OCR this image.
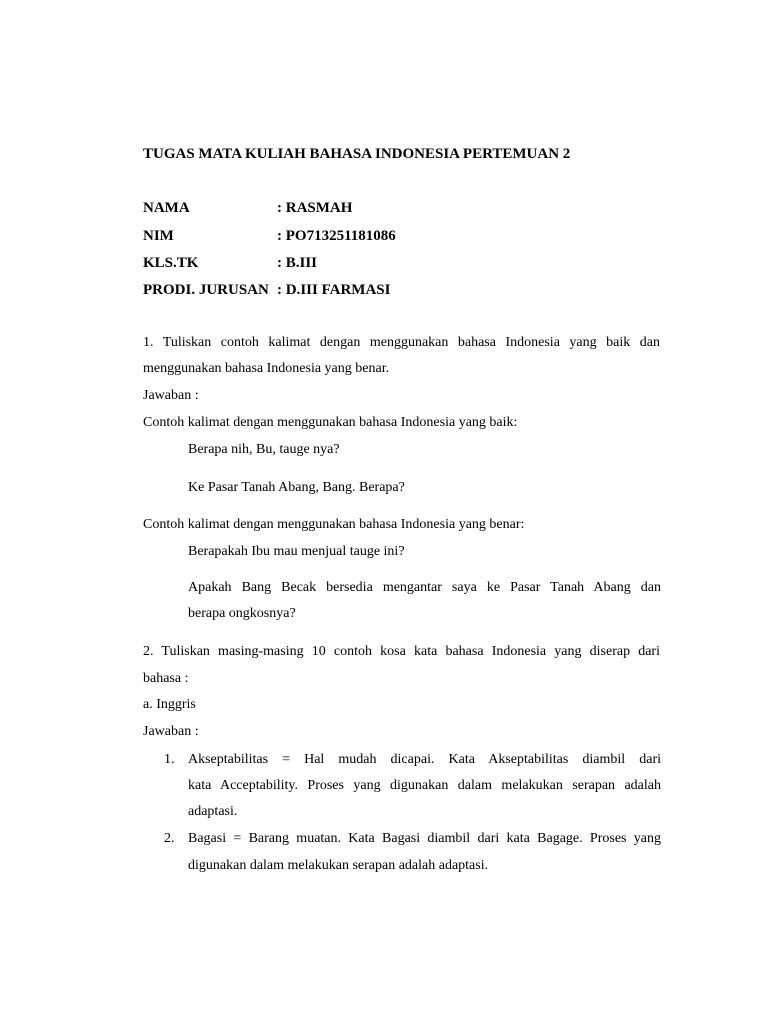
TUGAS MATA KULIAH BAHASA INDONESIA PERTEMUAN 2
NAMA	: RASMAH
NIM	: PO713251181086
KLS.TK	: B.III
PRODI. JURUSAN : D.III FARMASI
1. Tuliskan contoh kalimat dengan menggunakan bahasa Indonesia yang baik dan
menggunakan bahasa Indonesia yang benar.
Jawaban :
Contoh kalimat dengan menggunakan bahasa Indonesia yang baik:
Berapa nih, Bu, tauge nya?
Ke Pasar Tanah Abang, Bang. Berapa?
Contoh kalimat dengan menggunakan bahasa Indonesia yang benar:
Berapakah Ibu mau menjual tauge ini?
Apakah Bang Becak bersedia mengantar saya ke Pasar Tanah Abang dan
berapa ongkosnya?
2. Tuliskan masing-masing 10 contoh kosa kata bahasa Indonesia yang diserap dari
bahasa :
a. Inggris
Jawaban :
1. Akseptabilitas = Hal mudah dicapai. Kata Akseptabilitas diambil dari
kata Acceptability. Proses yang digunakan dalam melakukan serapan adalah
adaptasi.
2. Bagasi = Barang muatan. Kata Bagasi diambil dari kata Bagage. Proses yang
digunakan dalam melakukan serapan adalah adaptasi.
